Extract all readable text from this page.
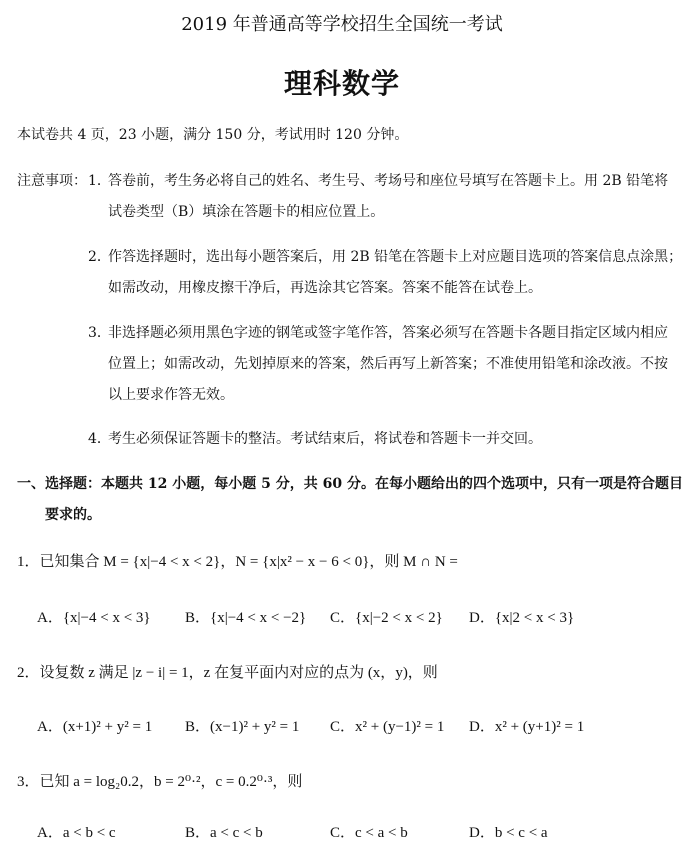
2019 年普通高等学校招生全国统一考试
理科数学
本试卷共 4 页，23 小题，满分 150 分，考试用时 120 分钟。
注意事项： 1．
答卷前，考生务必将自己的姓名、考生号、考场号和座位号填写在答题卡上。用 2B 铅笔将
试卷类型（B）填涂在答题卡的相应位置上。
2．
作答选择题时，选出每小题答案后，用 2B 铅笔在答题卡上对应题目选项的答案信息点涂黑；
如需改动，用橡皮擦干净后，再选涂其它答案。答案不能答在试卷上。
3．
非选择题必须用黑色字迹的钢笔或签字笔作答，答案必须写在答题卡各题目指定区域内相应
位置上；如需改动，先划掉原来的答案，然后再写上新答案；不准使用铅笔和涂改液。不按
以上要求作答无效。
4．
考生必须保证答题卡的整洁。考试结束后，将试卷和答题卡一并交回。
一、选择题：本题共 12 小题，每小题 5 分，共 60 分。在每小题给出的四个选项中，只有一项是符合题目
要求的。
1．已知集合 M = {x|−4 < x < 2}，N = {x|x² − x − 6 < 0}，则 M ∩ N =
A．{x|−4 < x < 3} B．{x|−4 < x < −2} C．{x|−2 < x < 2} D．{x|2 < x < 3}
2．设复数 z 满足 |z − i| = 1，z 在复平面内对应的点为 (x，y)，则
A．(x+1)² + y² = 1 B．(x−1)² + y² = 1 C．x² + (y−1)² = 1 D．x² + (y+1)² = 1
3．已知 a = log₂0.2，b = 2⁰·²，c = 0.2⁰·³，则
A．a < b < c	B．a < c < b	C．c < a < b	D．b < c < a
